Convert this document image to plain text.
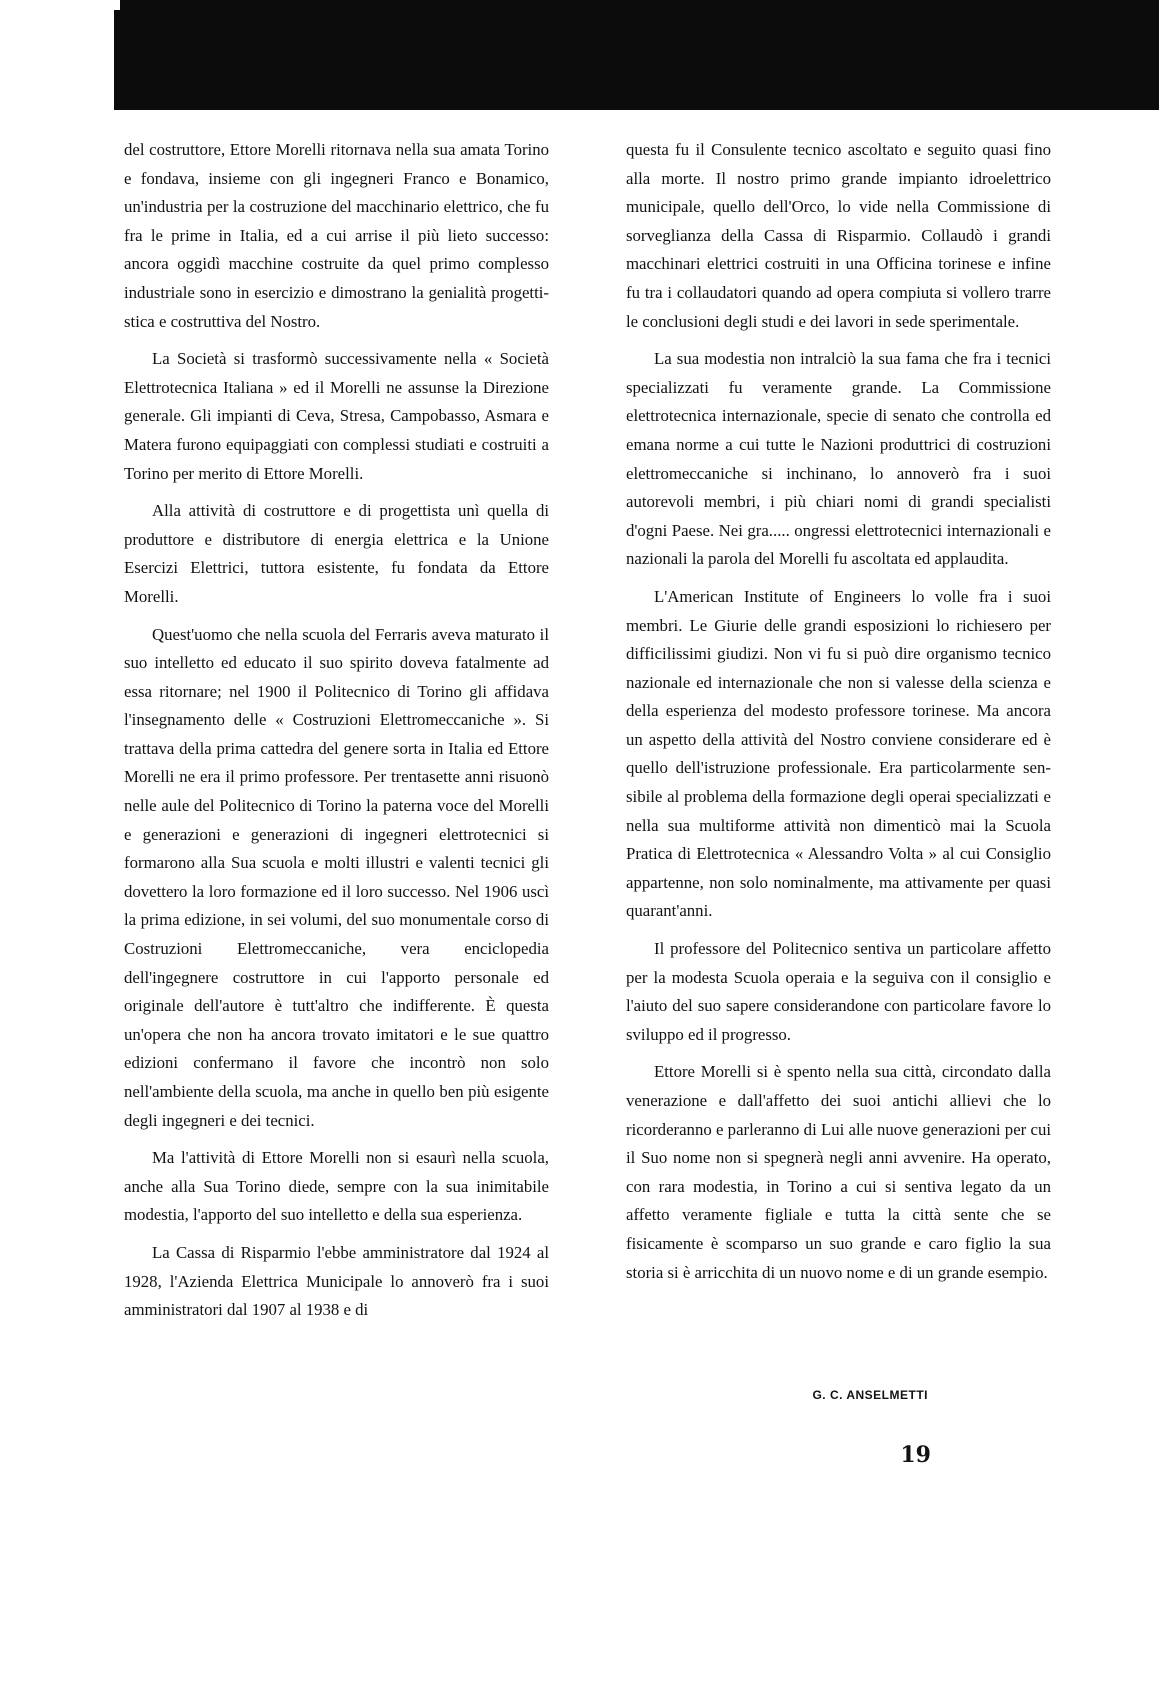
del costruttore, Ettore Morelli ritornava nella sua amata Torino e fondava, insieme con gli ingegneri Franco e Bonamico, un'industria per la costruzione del macchinario elettrico, che fu fra le prime in Italia, ed a cui arrise il più lieto successo: ancora oggidì macchine costruite da quel primo complesso industriale sono in esercizio e dimostrano la genialità progettistica e costruttiva del Nostro.

La Società si trasformò successivamente nella « Società Elettrotecnica Italiana » ed il Morelli ne assunse la Direzione generale. Gli impianti di Ceva, Stresa, Campobasso, Asmara e Matera furono equipaggiati con complessi studiati e costruiti a Torino per merito di Ettore Morelli.

Alla attività di costruttore e di progettista unì quella di produttore e distributore di energia elettrica e la Unione Esercizi Elettrici, tuttora esistente, fu fondata da Ettore Morelli.

Quest'uomo che nella scuola del Ferraris aveva maturato il suo intelletto ed educato il suo spirito doveva fatalmente ad essa ritornare; nel 1900 il Politecnico di Torino gli affidava l'insegnamento delle « Costruzioni Elettromeccaniche ». Si trattava della prima cattedra del genere sorta in Italia ed Ettore Morelli ne era il primo professore. Per trentasette anni risuonò nelle aule del Politecnico di Torino la paterna voce del Morelli e generazioni e generazioni di ingegneri elettrotecnici si formarono alla Sua scuola e molti illustri e valenti tecnici gli dovettero la loro formazione ed il loro successo. Nel 1906 uscì la prima edizione, in sei volumi, del suo monumentale corso di Costruzioni Elettromeccaniche, vera enciclopedia dell'ingegnere costruttore in cui l'apporto personale ed originale dell'autore è tutt'altro che indifferente. È questa un'opera che non ha ancora trovato imitatori e le sue quattro edizioni confermano il favore che incontrò non solo nell'ambiente della scuola, ma anche in quello ben più esigente degli ingegneri e dei tecnici.

Ma l'attività di Ettore Morelli non si esaurì nella scuola, anche alla Sua Torino diede, sempre con la sua inimitabile modestia, l'apporto del suo intelletto e della sua esperienza.

La Cassa di Risparmio l'ebbe amministratore dal 1924 al 1928, l'Azienda Elettrica Municipale lo annoverò fra i suoi amministratori dal 1907 al 1938 e di

questa fu il Consulente tecnico ascoltato e seguito quasi fino alla morte. Il nostro primo grande impianto idroelettrico municipale, quello dell'Orco, lo vide nella Commissione di sorveglianza della Cassa di Risparmio. Collaudò i grandi macchinari elettrici costruiti in una Officina torinese e infine fu tra i collaudatori quando ad opera compiuta si vollero trarre le conclusioni degli studi e dei lavori in sede sperimentale.

La sua modestia non intralciò la sua fama che fra i tecnici specializzati fu veramente grande. La Commissione elettrotecnica internazionale, specie di senato che controlla ed emana norme a cui tutte le Nazioni produttrici di costruzioni elettromeccaniche si inchinano, lo annoverò fra i suoi autorevoli membri, i più chiari nomi di grandi specialisti d'ogni Paese. Nei gra..... ongressi elettrotecnici internazionali e nazionali la parola del Morelli fu ascoltata ed applaudita.

L'American Institute of Engineers lo volle fra i suoi membri. Le Giurie delle grandi esposizioni lo richiesero per difficilissimi giudizi. Non vi fu si può dire organismo tecnico nazionale ed internazionale che non si valesse della scienza e della esperienza del modesto professore torinese. Ma ancora un aspetto della attività del Nostro conviene considerare ed è quello dell'istruzione professionale. Era particolarmente sensibile al problema della formazione degli operai specializzati e nella sua multiforme attività non dimenticò mai la Scuola Pratica di Elettrotecnica « Alessandro Volta » al cui Consiglio appartenne, non solo nominalmente, ma attivamente per quasi quarant'anni.

Il professore del Politecnico sentiva un particolare affetto per la modesta Scuola operaia e la seguiva con il consiglio e l'aiuto del suo sapere considerandone con particolare favore lo sviluppo ed il progresso.

Ettore Morelli si è spento nella sua città, circondato dalla venerazione e dall'affetto dei suoi antichi allievi che lo ricorderanno e parleranno di Lui alle nuove generazioni per cui il Suo nome non si spegnerà negli anni avvenire. Ha operato, con rara modestia, in Torino a cui si sentiva legato da un affetto veramente figliale e tutta la città sente che se fisicamente è scomparso un suo grande e caro figlio la sua storia si è arricchita di un nuovo nome e di un grande esempio.

G. C. ANSELMETTI
19
